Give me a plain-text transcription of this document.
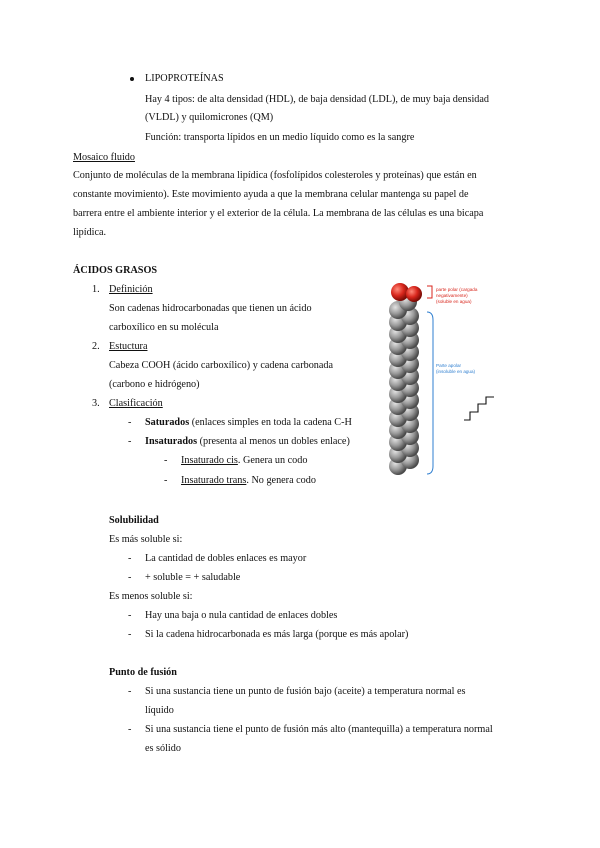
LIPOPROTEÍNAS
Hay 4 tipos: de alta densidad (HDL), de baja densidad (LDL), de muy baja densidad
(VLDL) y quilomicrones (QM)
Función: transporta lípidos en un medio líquido como es la sangre
Mosaico fluido
Conjunto de moléculas de la membrana lipídica (fosfolípidos colesteroles y proteínas) que están en
constante movimiento). Este movimiento ayuda a que la membrana celular mantenga su papel de
barrera entre el ambiente interior y el exterior de la célula. La membrana de las células es una bicapa
lipídica.
ÁCIDOS GRASOS
1. Definición
Son cadenas hidrocarbonadas que tienen un ácido
carboxílico en su molécula
2. Estuctura
Cabeza COOH (ácido carboxílico) y cadena carbonada
(carbono e hidrógeno)
3. Clasificación
- Saturados (enlaces simples en toda la cadena C-H
- Insaturados (presenta al menos un dobles enlace)
- Insaturado cis. Genera un codo
- Insaturado trans. No genera codo
parte polar (cargada
negativamente)
(soluble en agua)
Parte apolar
(insoluble en agua)
Solubilidad
Es más soluble si:
- La cantidad de dobles enlaces es mayor
- + soluble = + saludable
Es menos soluble si:
- Hay una baja o nula cantidad de enlaces dobles
- Si la cadena hidrocarbonada es más larga (porque es más apolar)
Punto de fusión
- Si una sustancia tiene un punto de fusión bajo (aceite) a temperatura normal es
líquido
- Si una sustancia tiene el punto de fusión más alto (mantequilla) a temperatura normal
es sólido
